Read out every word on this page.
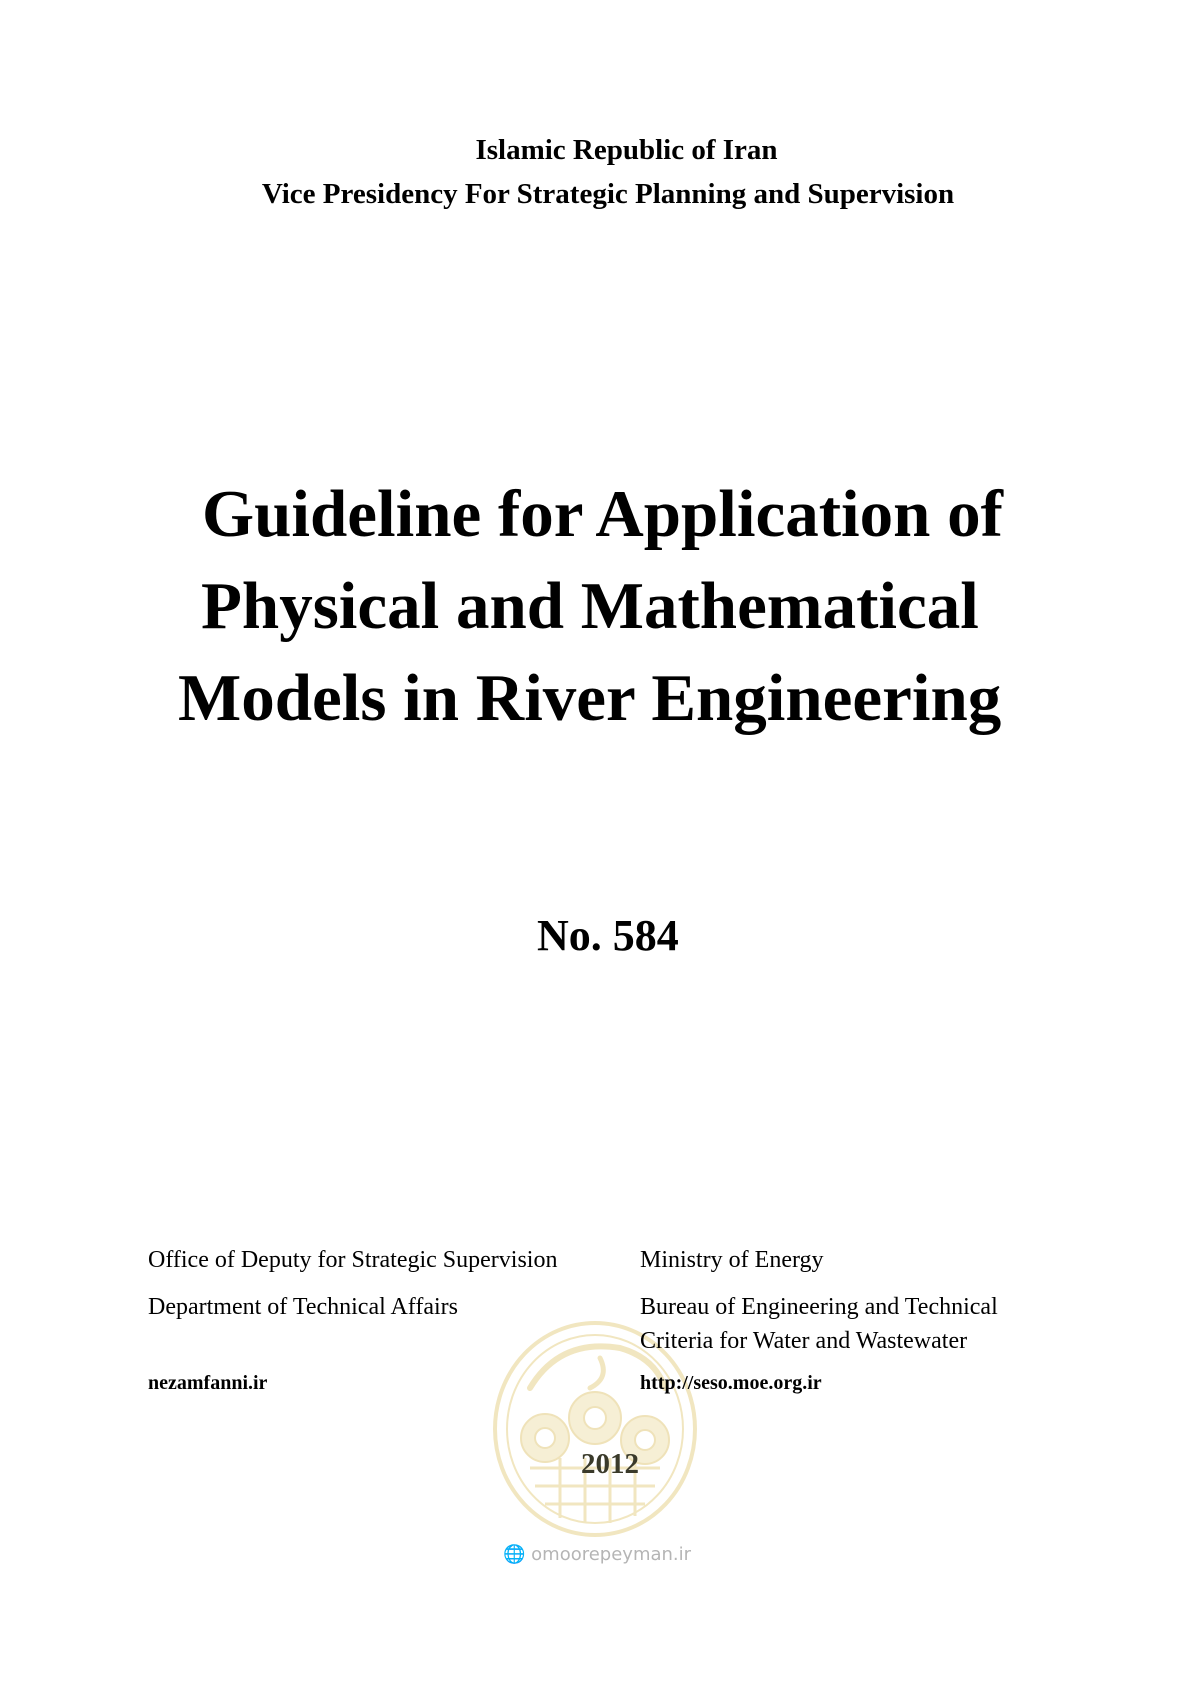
Islamic Republic of Iran
Vice Presidency For Strategic Planning and Supervision
Guideline for Application of
Physical and Mathematical
Models in River Engineering
No. 584
Office of Deputy for Strategic Supervision
Department of Technical Affairs
nezamfanni.ir
Ministry of Energy
Bureau of Engineering and Technical
Criteria for Water and Wastewater
http://seso.moe.org.ir
2012
🌐 omoorepeyman.ir
